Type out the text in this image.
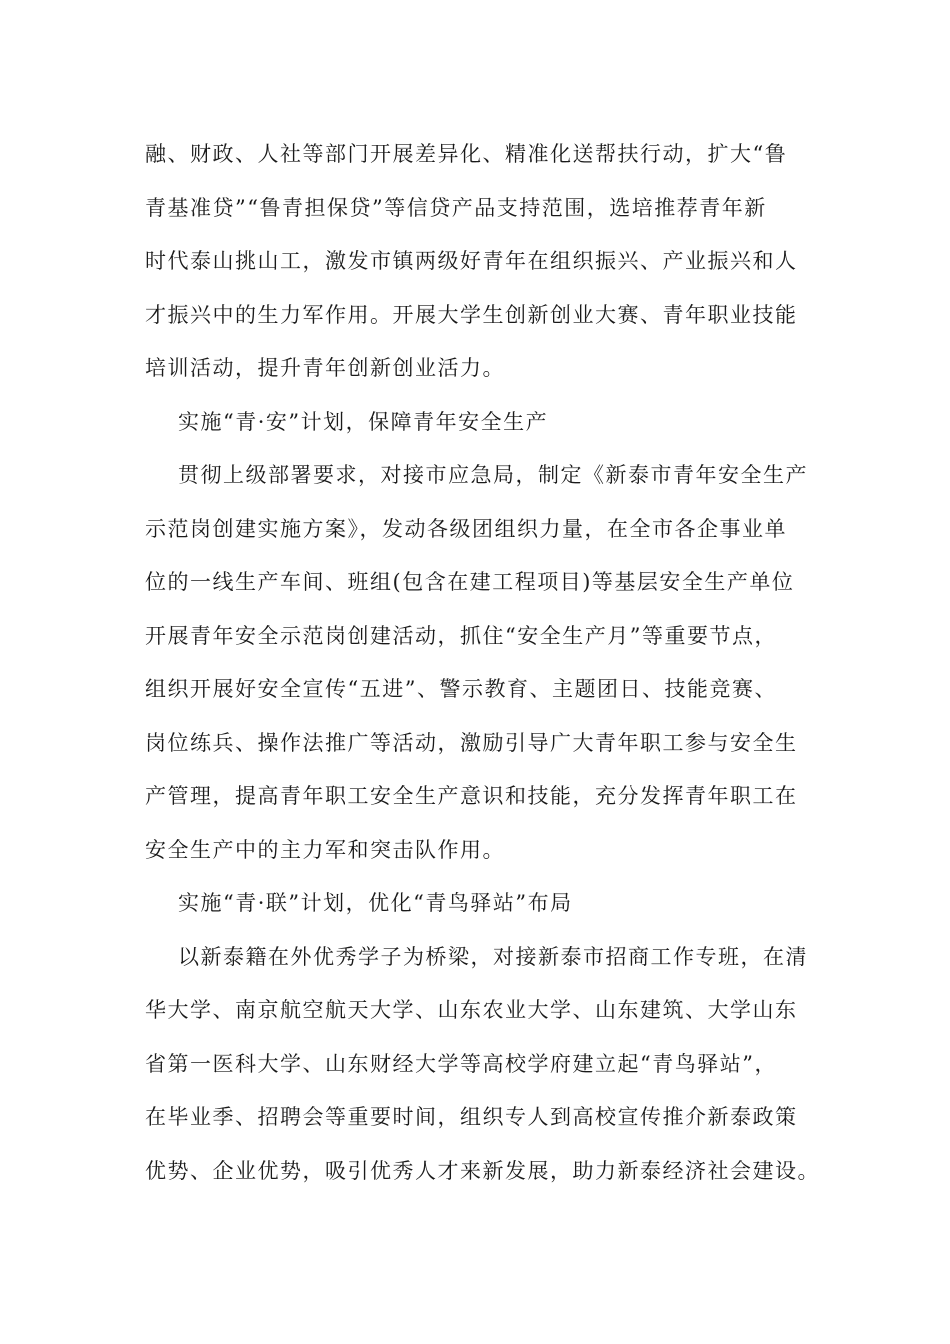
融、财政、人社等部门开展差异化、精准化送帮扶行动，扩大“鲁
青基准贷”“鲁青担保贷”等信贷产品支持范围，选培推荐青年新
时代泰山挑山工，激发市镇两级好青年在组织振兴、产业振兴和人
才振兴中的生力军作用。开展大学生创新创业大赛、青年职业技能
培训活动，提升青年创新创业活力。
实施“青·安”计划，保障青年安全生产
贯彻上级部署要求，对接市应急局，制定《新泰市青年安全生产
示范岗创建实施方案》，发动各级团组织力量，在全市各企事业单
位的一线生产车间、班组(包含在建工程项目)等基层安全生产单位
开展青年安全示范岗创建活动，抓住“安全生产月”等重要节点，
组织开展好安全宣传“五进”、警示教育、主题团日、技能竞赛、
岗位练兵、操作法推广等活动，激励引导广大青年职工参与安全生
产管理，提高青年职工安全生产意识和技能，充分发挥青年职工在
安全生产中的主力军和突击队作用。
实施“青·联”计划，优化“青鸟驿站”布局
以新泰籍在外优秀学子为桥梁，对接新泰市招商工作专班，在清
华大学、南京航空航天大学、山东农业大学、山东建筑、大学山东
省第一医科大学、山东财经大学等高校学府建立起“青鸟驿站”，
在毕业季、招聘会等重要时间，组织专人到高校宣传推介新泰政策
优势、企业优势，吸引优秀人才来新发展，助力新泰经济社会建设。
